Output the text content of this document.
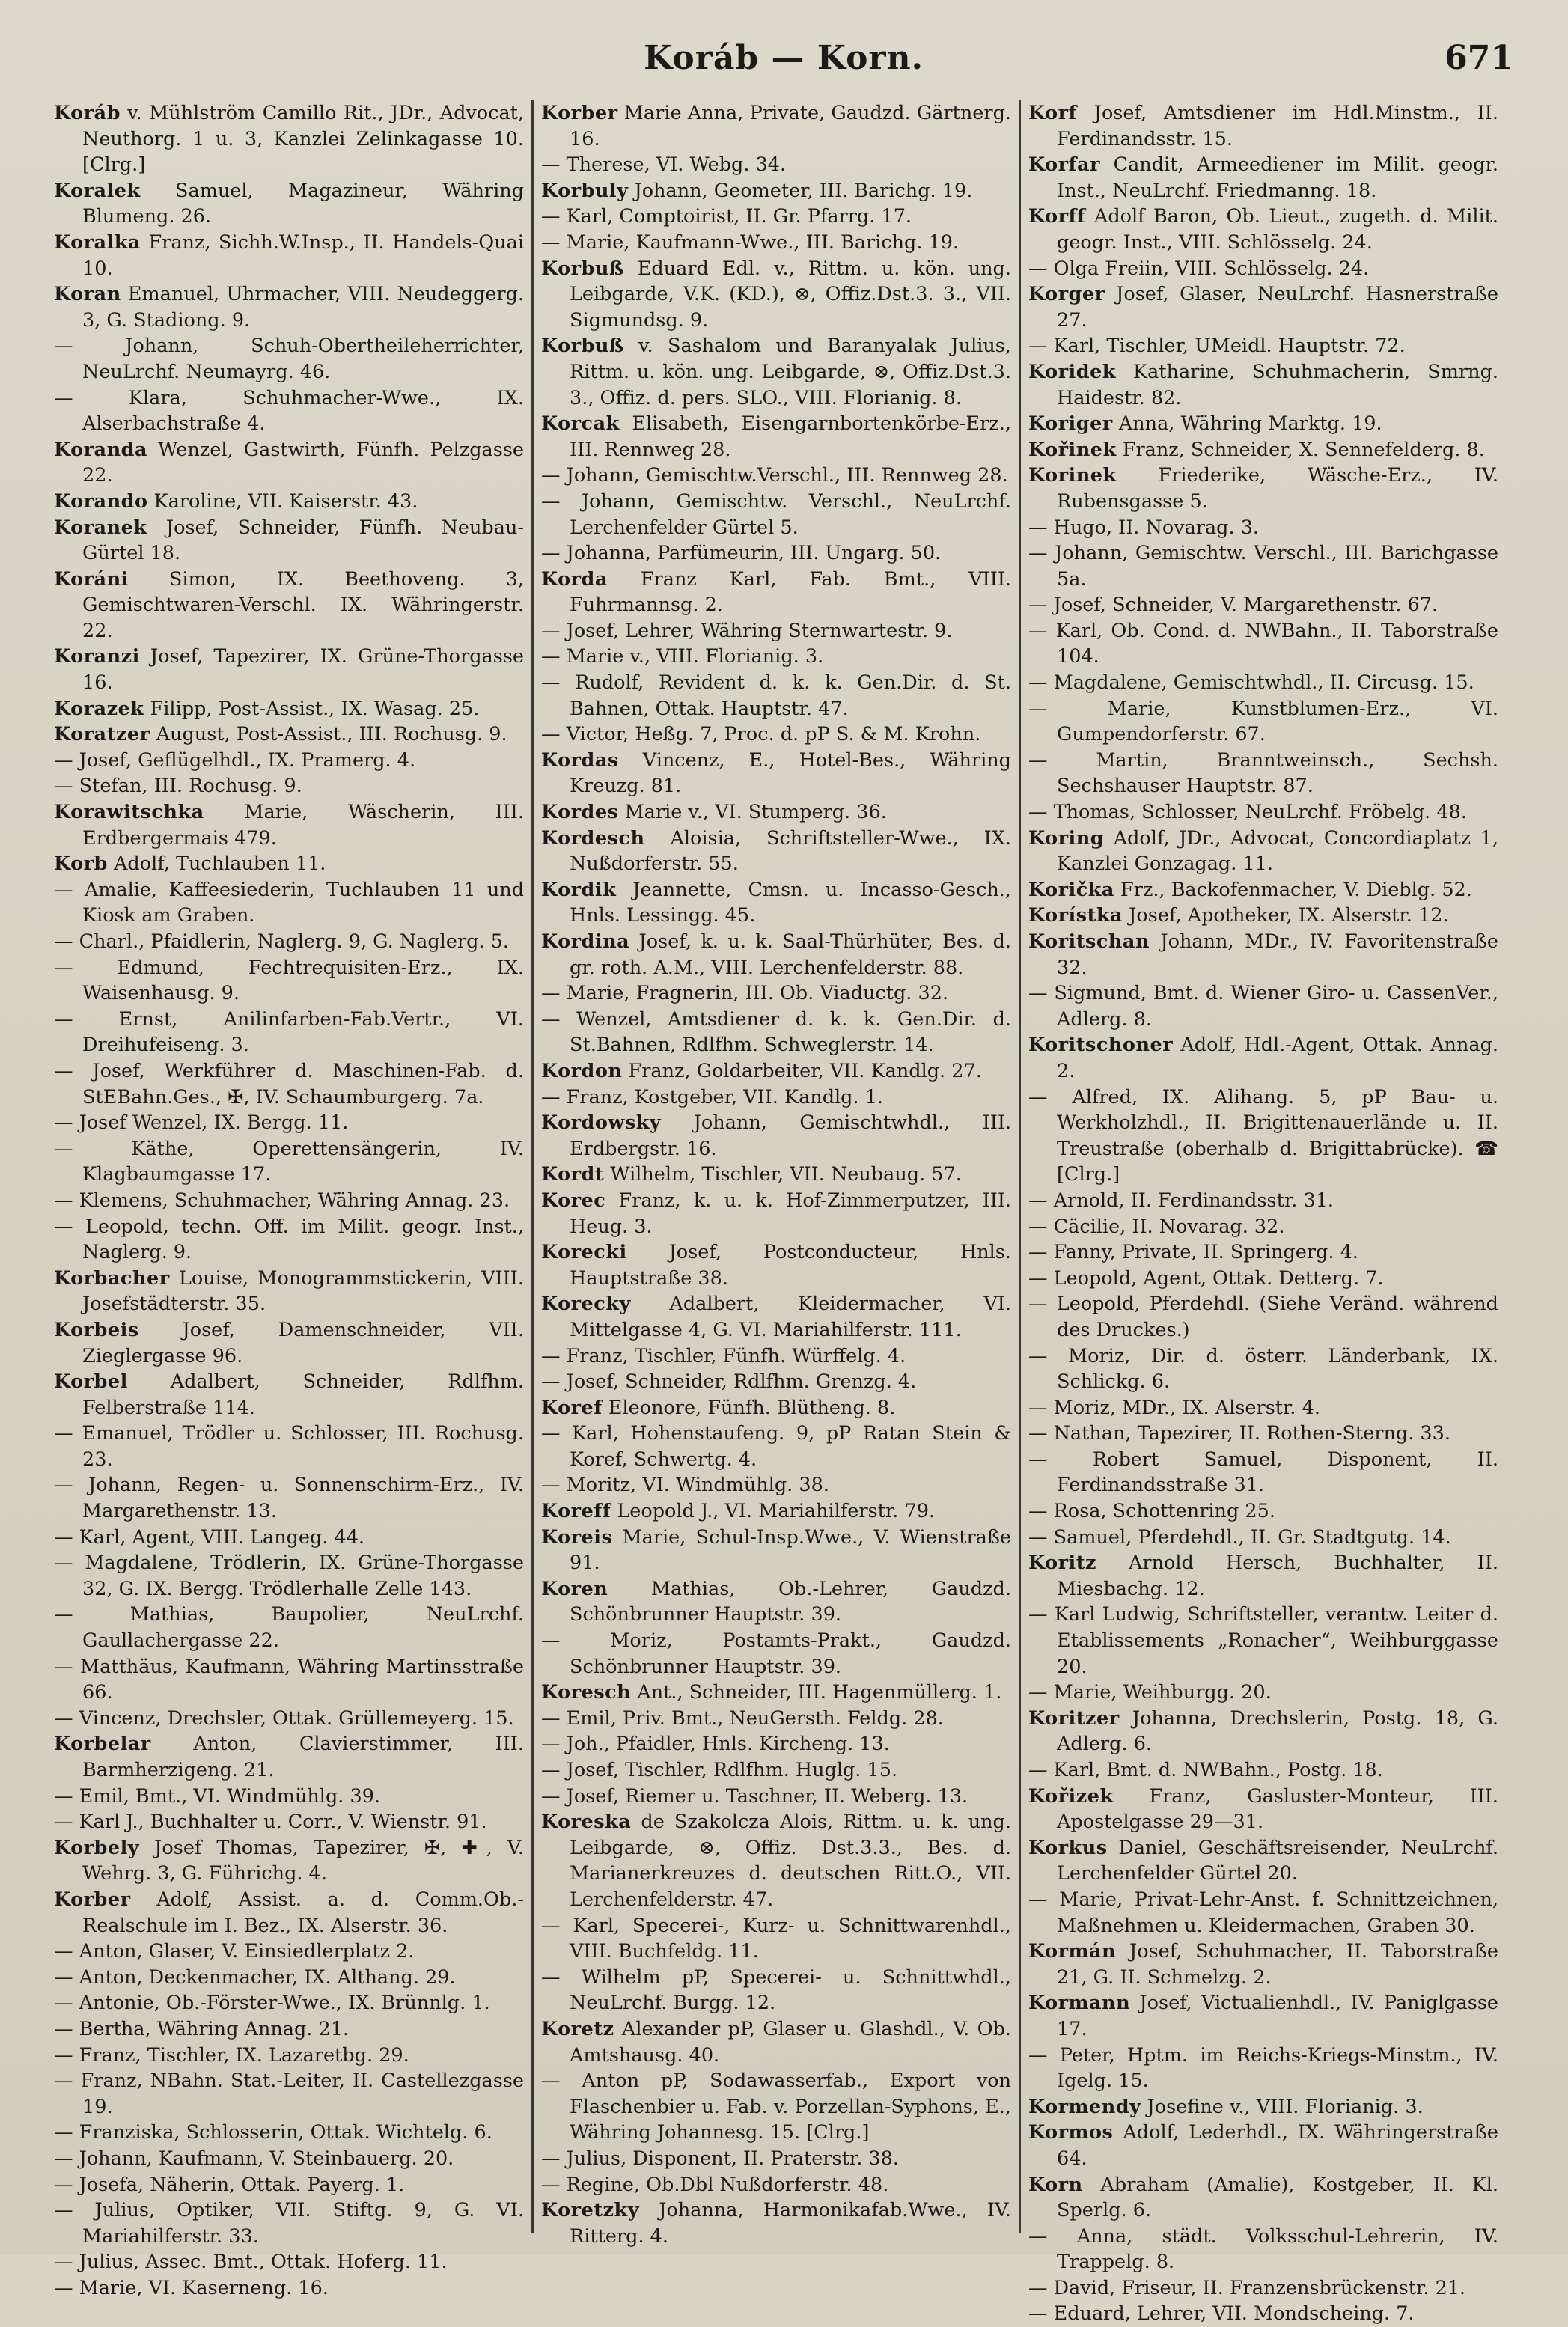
Koráb — Korn.	671

Koráb v. Mühlström Camillo Rit., JDr., Advocat, Neuthorg. 1 u. 3, Kanzlei Zelinkagasse 10. [Clrg.]

Koralek Samuel, Magazineur, Währing Blumeng. 26.

Koralka Franz, Sichh.W.Insp., II. Handels-Quai 10.

Koran Emanuel, Uhrmacher, VIII. Neudeggerg. 3, G. Stadiong. 9.

— Johann, Schuh-Obertheileherrichter, NeuLrchf. Neumayrg. 46.

— Klara, Schuhmacher-Wwe., IX. Alserbachstraße 4.

Koranda Wenzel, Gastwirth, Fünfh. Pelzgasse 22.

Korando Karoline, VII. Kaiserstr. 43.

Koranek Josef, Schneider, Fünfh. Neubau-Gürtel 18.

Koráni Simon, IX. Beethoveng. 3, Gemischtwaren-Verschl. IX. Währingerstr. 22.

Koranzi Josef, Tapezirer, IX. Grüne-Thorgasse 16.

Korazek Filipp, Post-Assist., IX. Wasag. 25.

Koratzer August, Post-Assist., III. Rochusg. 9.

— Josef, Geflügelhdl., IX. Pramerg. 4.

— Stefan, III. Rochusg. 9.

Korawitschka Marie, Wäscherin, III. Erdbergermais 479.

Korb Adolf, Tuchlauben 11.

— Amalie, Kaffeesiederin, Tuchlauben 11 und Kiosk am Graben.

— Charl., Pfaidlerin, Naglerg. 9, G. Naglerg. 5.

— Edmund, Fechtrequisiten-Erz., IX. Waisenhausg. 9.

— Ernst, Anilinfarben-Fab.Vertr., VI. Dreihufeiseng. 3.

— Josef, Werkführer d. Maschinen-Fab. d. StEBahn.Ges., ✠, IV. Schaumburgerg. 7a.

— Josef Wenzel, IX. Bergg. 11.

— Käthe, Operettensängerin, IV. Klagbaumgasse 17.

— Klemens, Schuhmacher, Währing Annag. 23.

— Leopold, techn. Off. im Milit. geogr. Inst., Naglerg. 9.

Korbacher Louise, Monogrammstickerin, VIII. Josefstädterstr. 35.

Korbeis Josef, Damenschneider, VII. Zieglergasse 96.

Korbel Adalbert, Schneider, Rdlfhm. Felberstraße 114.

— Emanuel, Trödler u. Schlosser, III. Rochusg. 23.

— Johann, Regen- u. Sonnenschirm-Erz., IV. Margarethenstr. 13.

— Karl, Agent, VIII. Langeg. 44.

— Magdalene, Trödlerin, IX. Grüne-Thorgasse 32, G. IX. Bergg. Trödlerhalle Zelle 143.

— Mathias, Baupolier, NeuLrchf. Gaullachergasse 22.

— Matthäus, Kaufmann, Währing Martinsstraße 66.

— Vincenz, Drechsler, Ottak. Grüllemeyerg. 15.

Korbelar Anton, Clavierstimmer, III. Barmherzigeng. 21.

— Emil, Bmt., VI. Windmühlg. 39.

— Karl J., Buchhalter u. Corr., V. Wienstr. 91.

Korbely Josef Thomas, Tapezirer, ✠, ✚, V. Wehrg. 3, G. Führichg. 4.

Korber Adolf, Assist. a. d. Comm.Ob.-Realschule im I. Bez., IX. Alserstr. 36.

— Anton, Glaser, V. Einsiedlerplatz 2.

— Anton, Deckenmacher, IX. Althang. 29.

— Antonie, Ob.-Förster-Wwe., IX. Brünnlg. 1.

— Bertha, Währing Annag. 21.

— Franz, Tischler, IX. Lazaretbg. 29.

— Franz, NBahn. Stat.-Leiter, II. Castellezgasse 19.

— Franziska, Schlosserin, Ottak. Wichtelg. 6.

— Johann, Kaufmann, V. Steinbauerg. 20.

— Josefa, Näherin, Ottak. Payerg. 1.

— Julius, Optiker, VII. Stiftg. 9, G. VI. Mariahilferstr. 33.

— Julius, Assec. Bmt., Ottak. Hoferg. 11.

— Marie, VI. Kaserneng. 16.

Korber Marie Anna, Private, Gaudzd. Gärtnerg. 16.

— Therese, VI. Webg. 34.

Korbuly Johann, Geometer, III. Barichg. 19.

— Karl, Comptoirist, II. Gr. Pfarrg. 17.

— Marie, Kaufmann-Wwe., III. Barichg. 19.

Korbuß Eduard Edl. v., Rittm. u. kön. ung. Leibgarde, V.K. (KD.), ⊗, Offiz.Dst.3. 3., VII. Sigmundsg. 9.

Korbuß v. Sashalom und Baranyalak Julius, Rittm. u. kön. ung. Leibgarde, ⊗, Offiz.Dst.3. 3., Offiz. d. pers. SLO., VIII. Florianig. 8.

Korcak Elisabeth, Eisengarnbortenkörbe-Erz., III. Rennweg 28.

— Johann, Gemischtw.Verschl., III. Rennweg 28.

— Johann, Gemischtw. Verschl., NeuLrchf. Lerchenfelder Gürtel 5.

— Johanna, Parfümeurin, III. Ungarg. 50.

Korda Franz Karl, Fab. Bmt., VIII. Fuhrmannsg. 2.

— Josef, Lehrer, Währing Sternwartestr. 9.

— Marie v., VIII. Florianig. 3.

— Rudolf, Revident d. k. k. Gen.Dir. d. St. Bahnen, Ottak. Hauptstr. 47.

— Victor, Heßg. 7, Proc. d. pP S. & M. Krohn.

Kordas Vincenz, E., Hotel-Bes., Währing Kreuzg. 81.

Kordes Marie v., VI. Stumperg. 36.

Kordesch Aloisia, Schriftsteller-Wwe., IX. Nußdorferstr. 55.

Kordik Jeannette, Cmsn. u. Incasso-Gesch., Hnls. Lessingg. 45.

Kordina Josef, k. u. k. Saal-Thürhüter, Bes. d. gr. roth. A.M., VIII. Lerchenfelderstr. 88.

— Marie, Fragnerin, III. Ob. Viaductg. 32.

— Wenzel, Amtsdiener d. k. k. Gen.Dir. d. St.Bahnen, Rdlfhm. Schweglerstr. 14.

Kordon Franz, Goldarbeiter, VII. Kandlg. 27.

— Franz, Kostgeber, VII. Kandlg. 1.

Kordowsky Johann, Gemischtwhdl., III. Erdbergstr. 16.

Kordt Wilhelm, Tischler, VII. Neubaug. 57.

Korec Franz, k. u. k. Hof-Zimmerputzer, III. Heug. 3.

Korecki Josef, Postconducteur, Hnls. Hauptstraße 38.

Korecky Adalbert, Kleidermacher, VI. Mittelgasse 4, G. VI. Mariahilferstr. 111.

— Franz, Tischler, Fünfh. Würffelg. 4.

— Josef, Schneider, Rdlfhm. Grenzg. 4.

Koref Eleonore, Fünfh. Blütheng. 8.

— Karl, Hohenstaufeng. 9, pP Ratan Stein & Koref, Schwertg. 4.

— Moritz, VI. Windmühlg. 38.

Koreff Leopold J., VI. Mariahilferstr. 79.

Koreis Marie, Schul-Insp.Wwe., V. Wienstraße 91.

Koren Mathias, Ob.-Lehrer, Gaudzd. Schönbrunner Hauptstr. 39.

— Moriz, Postamts-Prakt., Gaudzd. Schönbrunner Hauptstr. 39.

Koresch Ant., Schneider, III. Hagenmüllerg. 1.

— Emil, Priv. Bmt., NeuGersth. Feldg. 28.

— Joh., Pfaidler, Hnls. Kircheng. 13.

— Josef, Tischler, Rdlfhm. Huglg. 15.

— Josef, Riemer u. Taschner, II. Weberg. 13.

Koreska de Szakolcza Alois, Rittm. u. k. ung. Leibgarde, ⊗, Offiz. Dst.3.3., Bes. d. Marianerkreuzes d. deutschen Ritt.O., VII. Lerchenfelderstr. 47.

— Karl, Specerei-, Kurz- u. Schnittwarenhdl., VIII. Buchfeldg. 11.

— Wilhelm pP, Specerei- u. Schnittwhdl., NeuLrchf. Burgg. 12.

Koretz Alexander pP, Glaser u. Glashdl., V. Ob. Amtshausg. 40.

— Anton pP, Sodawasserfab., Export von Flaschenbier u. Fab. v. Porzellan-Syphons, E., Währing Johannesg. 15. [Clrg.]

— Julius, Disponent, II. Praterstr. 38.

— Regine, Ob.Dbl Nußdorferstr. 48.

Koretzky Johanna, Harmonikafab.Wwe., IV. Ritterg. 4.

Korf Josef, Amtsdiener im Hdl.Minstm., II. Ferdinandsstr. 15.

Korfar Candit, Armeediener im Milit. geogr. Inst., NeuLrchf. Friedmanng. 18.

Korff Adolf Baron, Ob. Lieut., zugeth. d. Milit. geogr. Inst., VIII. Schlösselg. 24.

— Olga Freiin, VIII. Schlösselg. 24.

Korger Josef, Glaser, NeuLrchf. Hasnerstraße 27.

— Karl, Tischler, UMeidl. Hauptstr. 72.

Koridek Katharine, Schuhmacherin, Smrng. Haidestr. 82.

Koriger Anna, Währing Marktg. 19.

Kořinek Franz, Schneider, X. Sennefelderg. 8.

Korinek Friederike, Wäsche-Erz., IV. Rubensgasse 5.

— Hugo, II. Novarag. 3.

— Johann, Gemischtw. Verschl., III. Barichgasse 5a.

— Josef, Schneider, V. Margarethenstr. 67.

— Karl, Ob. Cond. d. NWBahn., II. Taborstraße 104.

— Magdalene, Gemischtwhdl., II. Circusg. 15.

— Marie, Kunstblumen-Erz., VI. Gumpendorferstr. 67.

— Martin, Branntweinsch., Sechsh. Sechshauser Hauptstr. 87.

— Thomas, Schlosser, NeuLrchf. Fröbelg. 48.

Koring Adolf, JDr., Advocat, Concordiaplatz 1, Kanzlei Gonzagag. 11.

Korička Frz., Backofenmacher, V. Dieblg. 52.

Korístka Josef, Apotheker, IX. Alserstr. 12.

Koritschan Johann, MDr., IV. Favoritenstraße 32.

— Sigmund, Bmt. d. Wiener Giro- u. CassenVer., Adlerg. 8.

Koritschoner Adolf, Hdl.-Agent, Ottak. Annag. 2.

— Alfred, IX. Alihang. 5, pP Bau- u. Werkholzhdl., II. Brigittenauerlände u. II. Treustraße (oberhalb d. Brigittabrücke). ☎ [Clrg.]

— Arnold, II. Ferdinandsstr. 31.

— Cäcilie, II. Novarag. 32.

— Fanny, Private, II. Springerg. 4.

— Leopold, Agent, Ottak. Detterg. 7.

— Leopold, Pferdehdl. (Siehe Veränd. während des Druckes.)

— Moriz, Dir. d. österr. Länderbank, IX. Schlickg. 6.

— Moriz, MDr., IX. Alserstr. 4.

— Nathan, Tapezirer, II. Rothen-Sterng. 33.

— Robert Samuel, Disponent, II. Ferdinandsstraße 31.

— Rosa, Schottenring 25.

— Samuel, Pferdehdl., II. Gr. Stadtgutg. 14.

Koritz Arnold Hersch, Buchhalter, II. Miesbachg. 12.

— Karl Ludwig, Schriftsteller, verantw. Leiter d. Etablissements „Ronacher“, Weihburggasse 20.

— Marie, Weihburgg. 20.

Koritzer Johanna, Drechslerin, Postg. 18, G. Adlerg. 6.

— Karl, Bmt. d. NWBahn., Postg. 18.

Kořizek Franz, Gasluster-Monteur, III. Apostelgasse 29—31.

Korkus Daniel, Geschäftsreisender, NeuLrchf. Lerchenfelder Gürtel 20.

— Marie, Privat-Lehr-Anst. f. Schnittzeichnen, Maßnehmen u. Kleidermachen, Graben 30.

Kormán Josef, Schuhmacher, II. Taborstraße 21, G. II. Schmelzg. 2.

Kormann Josef, Victualienhdl., IV. Paniglgasse 17.

— Peter, Hptm. im Reichs-Kriegs-Minstm., IV. Igelg. 15.

Kormendy Josefine v., VIII. Florianig. 3.

Kormos Adolf, Lederhdl., IX. Währingerstraße 64.

Korn Abraham (Amalie), Kostgeber, II. Kl. Sperlg. 6.

— Anna, städt. Volksschul-Lehrerin, IV. Trappelg. 8.

— David, Friseur, II. Franzensbrückenstr. 21.

— Eduard, Lehrer, VII. Mondscheing. 7.
